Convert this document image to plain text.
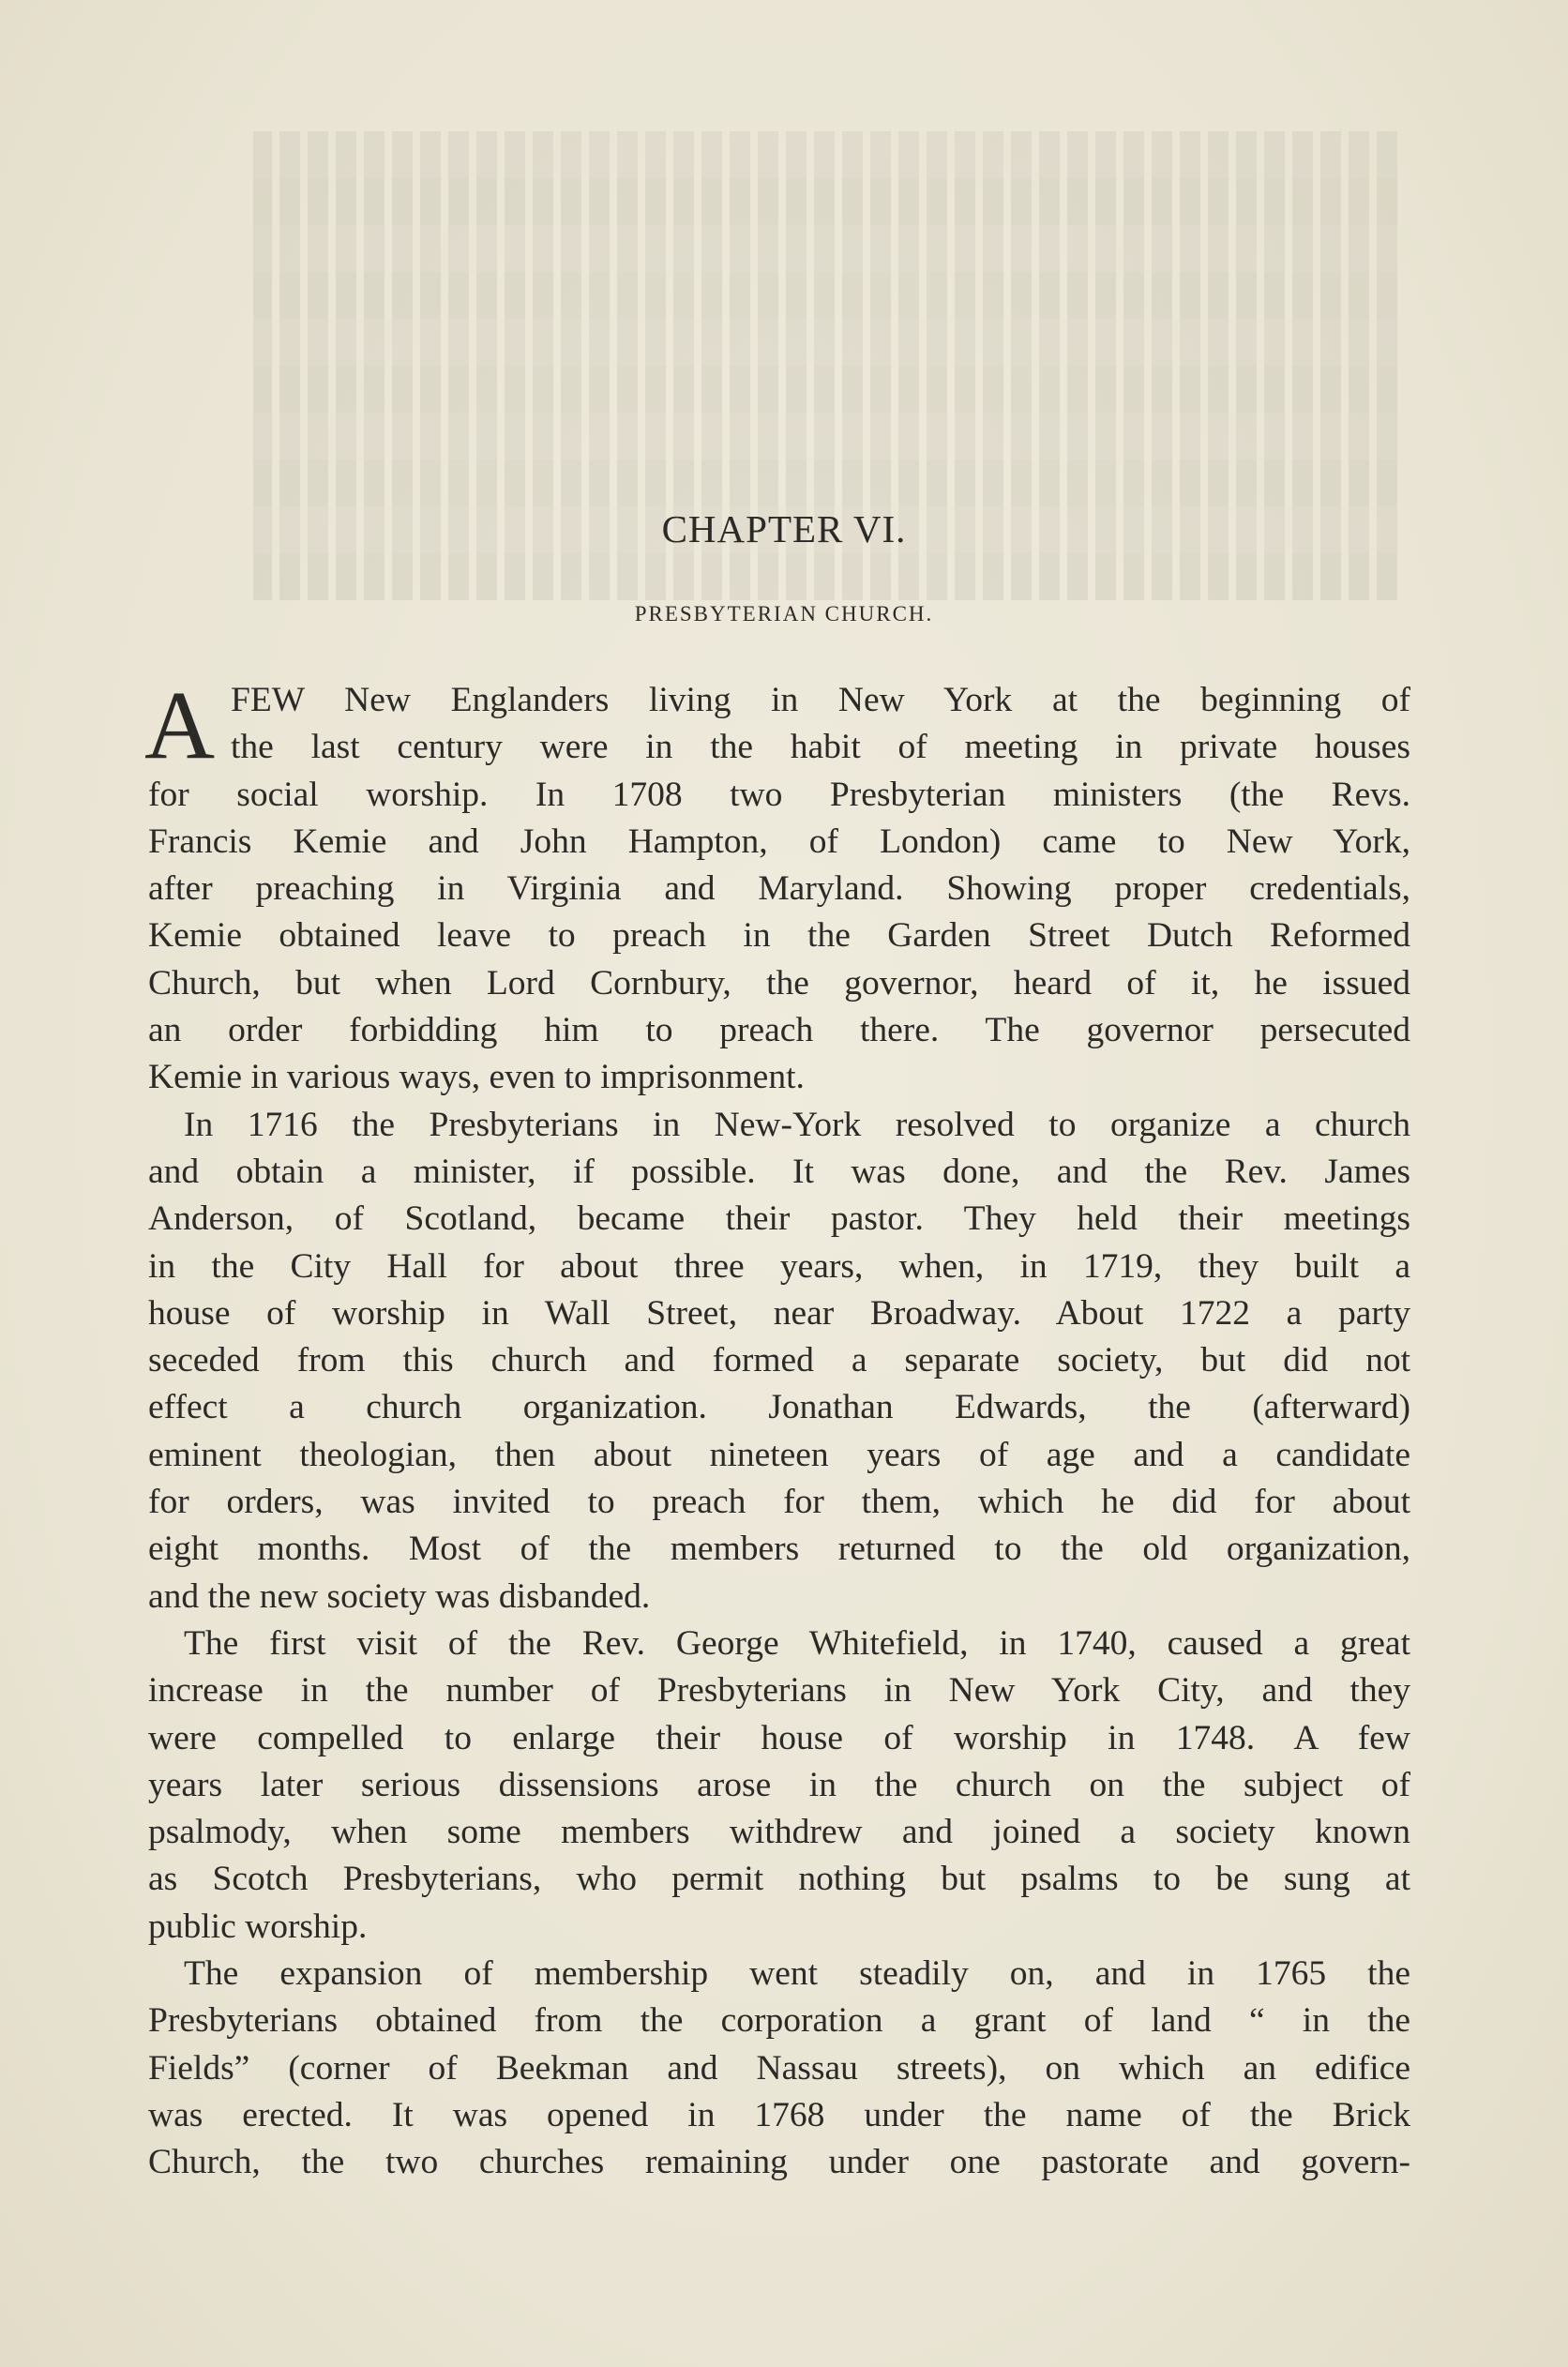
CHAPTER VI.
PRESBYTERIAN CHURCH.
A FEW New Englanders living in New York at the beginning of
the last century were in the habit of meeting in private houses
for social worship. In 1708 two Presbyterian ministers (the Revs.
Francis Kemie and John Hampton, of London) came to New York,
after preaching in Virginia and Maryland. Showing proper credentials,
Kemie obtained leave to preach in the Garden Street Dutch Reformed
Church, but when Lord Cornbury, the governor, heard of it, he issued
an order forbidding him to preach there. The governor persecuted
Kemie in various ways, even to imprisonment.
In 1716 the Presbyterians in New-York resolved to organize a church
and obtain a minister, if possible. It was done, and the Rev. James
Anderson, of Scotland, became their pastor. They held their meetings
in the City Hall for about three years, when, in 1719, they built a
house of worship in Wall Street, near Broadway. About 1722 a party
seceded from this church and formed a separate society, but did not
effect a church organization. Jonathan Edwards, the (afterward)
eminent theologian, then about nineteen years of age and a candidate
for orders, was invited to preach for them, which he did for about
eight months. Most of the members returned to the old organization,
and the new society was disbanded.
The first visit of the Rev. George Whitefield, in 1740, caused a great
increase in the number of Presbyterians in New York City, and they
were compelled to enlarge their house of worship in 1748. A few
years later serious dissensions arose in the church on the subject of
psalmody, when some members withdrew and joined a society known
as Scotch Presbyterians, who permit nothing but psalms to be sung at
public worship.
The expansion of membership went steadily on, and in 1765 the
Presbyterians obtained from the corporation a grant of land “ in the
Fields” (corner of Beekman and Nassau streets), on which an edifice
was erected. It was opened in 1768 under the name of the Brick
Church, the two churches remaining under one pastorate and govern-
